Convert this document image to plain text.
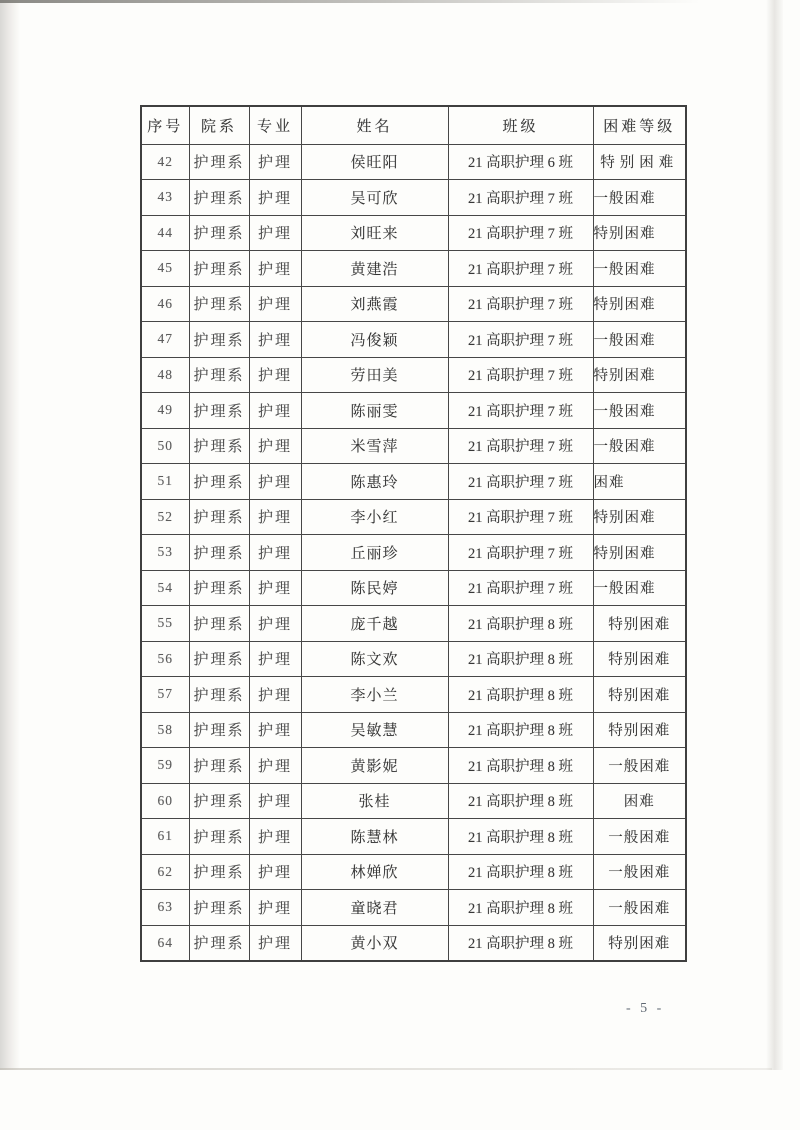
序号	院系	专业	姓名	班级	困难等级
42	护理系	护理	侯旺阳	21 高职护理 6 班	特别困难
43	护理系	护理	吴可欣	21 高职护理 7 班	一般困难
44	护理系	护理	刘旺来	21 高职护理 7 班	特别困难
45	护理系	护理	黄建浩	21 高职护理 7 班	一般困难
46	护理系	护理	刘燕霞	21 高职护理 7 班	特别困难
47	护理系	护理	冯俊颖	21 高职护理 7 班	一般困难
48	护理系	护理	劳田美	21 高职护理 7 班	特别困难
49	护理系	护理	陈丽雯	21 高职护理 7 班	一般困难
50	护理系	护理	米雪萍	21 高职护理 7 班	一般困难
51	护理系	护理	陈惠玲	21 高职护理 7 班	困难
52	护理系	护理	李小红	21 高职护理 7 班	特别困难
53	护理系	护理	丘丽珍	21 高职护理 7 班	特别困难
54	护理系	护理	陈民婷	21 高职护理 7 班	一般困难
55	护理系	护理	庞千越	21 高职护理 8 班	特别困难
56	护理系	护理	陈文欢	21 高职护理 8 班	特别困难
57	护理系	护理	李小兰	21 高职护理 8 班	特别困难
58	护理系	护理	吴敏慧	21 高职护理 8 班	特别困难
59	护理系	护理	黄影妮	21 高职护理 8 班	一般困难
60	护理系	护理	张桂	21 高职护理 8 班	困难
61	护理系	护理	陈慧林	21 高职护理 8 班	一般困难
62	护理系	护理	林婵欣	21 高职护理 8 班	一般困难
63	护理系	护理	童晓君	21 高职护理 8 班	一般困难
64	护理系	护理	黄小双	21 高职护理 8 班	特别困难
- 5 -
